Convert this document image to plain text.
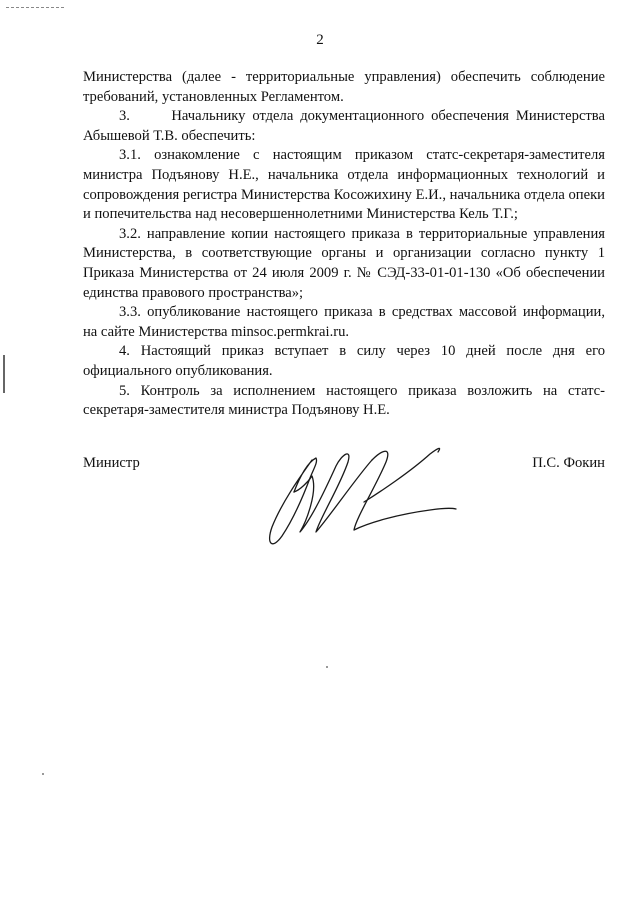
2

Министерства (далее - территориальные управления) обеспечить соблюдение требований, установленных Регламентом.

3.      Начальнику отдела документационного обеспечения Министерства Абышевой Т.В. обеспечить:

3.1. ознакомление с настоящим приказом статс-секретаря-заместителя министра Подъянову Н.Е., начальника отдела информационных технологий и сопровождения регистра Министерства Косожихину Е.И., начальника отдела опеки и попечительства над несовершеннолетними Министерства Кель Т.Г.;

3.2. направление копии настоящего приказа в территориальные управления Министерства, в соответствующие органы и организации согласно пункту 1 Приказа Министерства от 24 июля 2009 г. № СЭД-33-01-01-130 «Об обеспечении единства правового пространства»;

3.3. опубликование настоящего приказа в средствах массовой информации, на сайте Министерства minsoc.permkrai.ru.

4. Настоящий приказ вступает в силу через 10 дней после дня его официального опубликования.

5. Контроль за исполнением настоящего приказа возложить на статс-секретаря-заместителя министра Подъянову Н.Е.

Министр	П.С. Фокин
